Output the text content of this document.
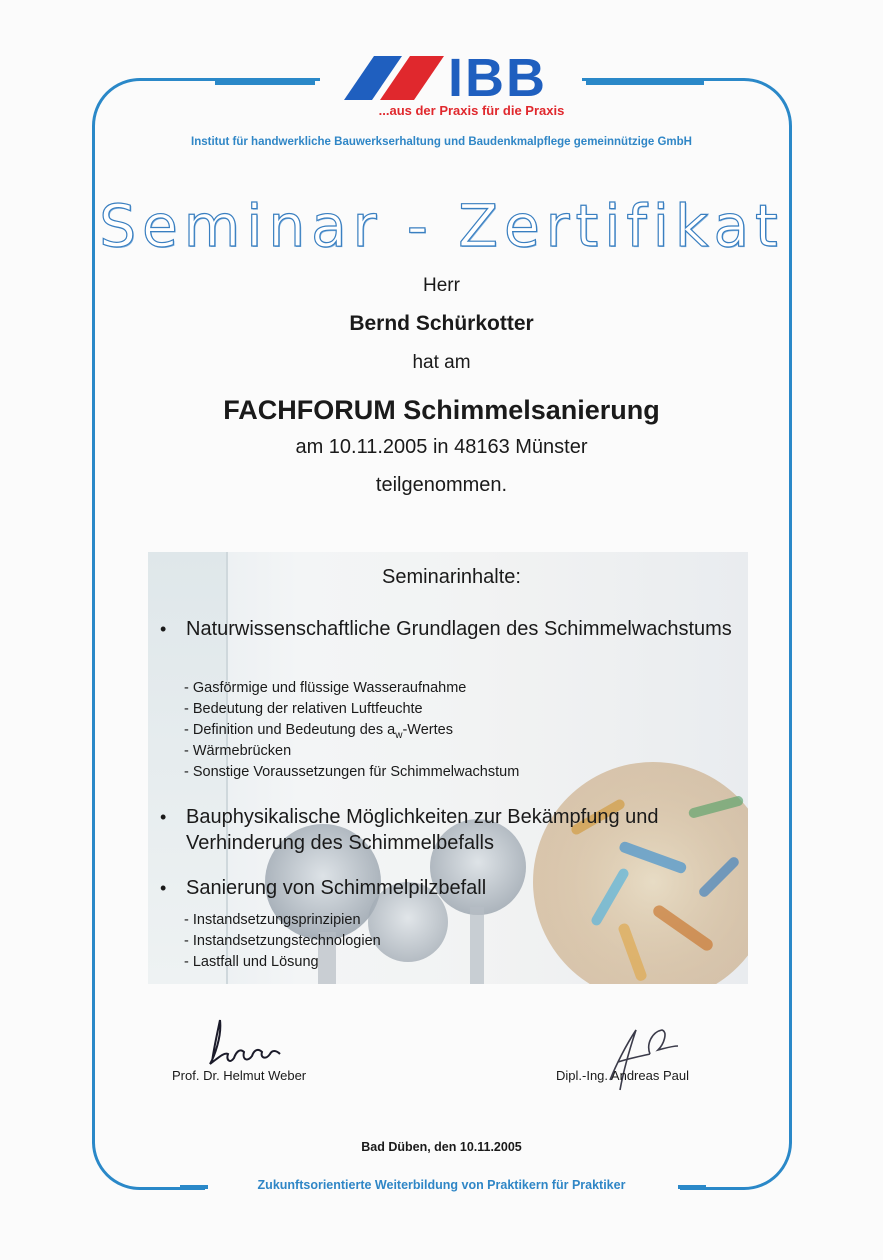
IBB
...aus der Praxis für die Praxis
Institut für handwerkliche Bauwerkserhaltung und Baudenkmalpflege gemeinnützige GmbH
Seminar - Zertifikat
Herr
Bernd Schürkotter
hat am
FACHFORUM Schimmelsanierung
am 10.11.2005 in 48163 Münster
teilgenommen.
Seminarinhalte:
• Naturwissenschaftliche Grundlagen des Schimmelwachstums
- Gasförmige und flüssige Wasseraufnahme
- Bedeutung der relativen Luftfeuchte
- Definition und Bedeutung des $a_w$-Wertes
- Wärmebrücken
- Sonstige Voraussetzungen für Schimmelwachstum
• Bauphysikalische Möglichkeiten zur Bekämpfung und Verhinderung des Schimmelbefalls
• Sanierung von Schimmelpilzbefall
- Instandsetzungsprinzipien
- Instandsetzungstechnologien
- Lastfall und Lösung
Prof. Dr. Helmut Weber	Dipl.-Ing. Andreas Paul
Bad Düben, den 10.11.2005
Zukunftsorientierte Weiterbildung von Praktikern für Praktiker
